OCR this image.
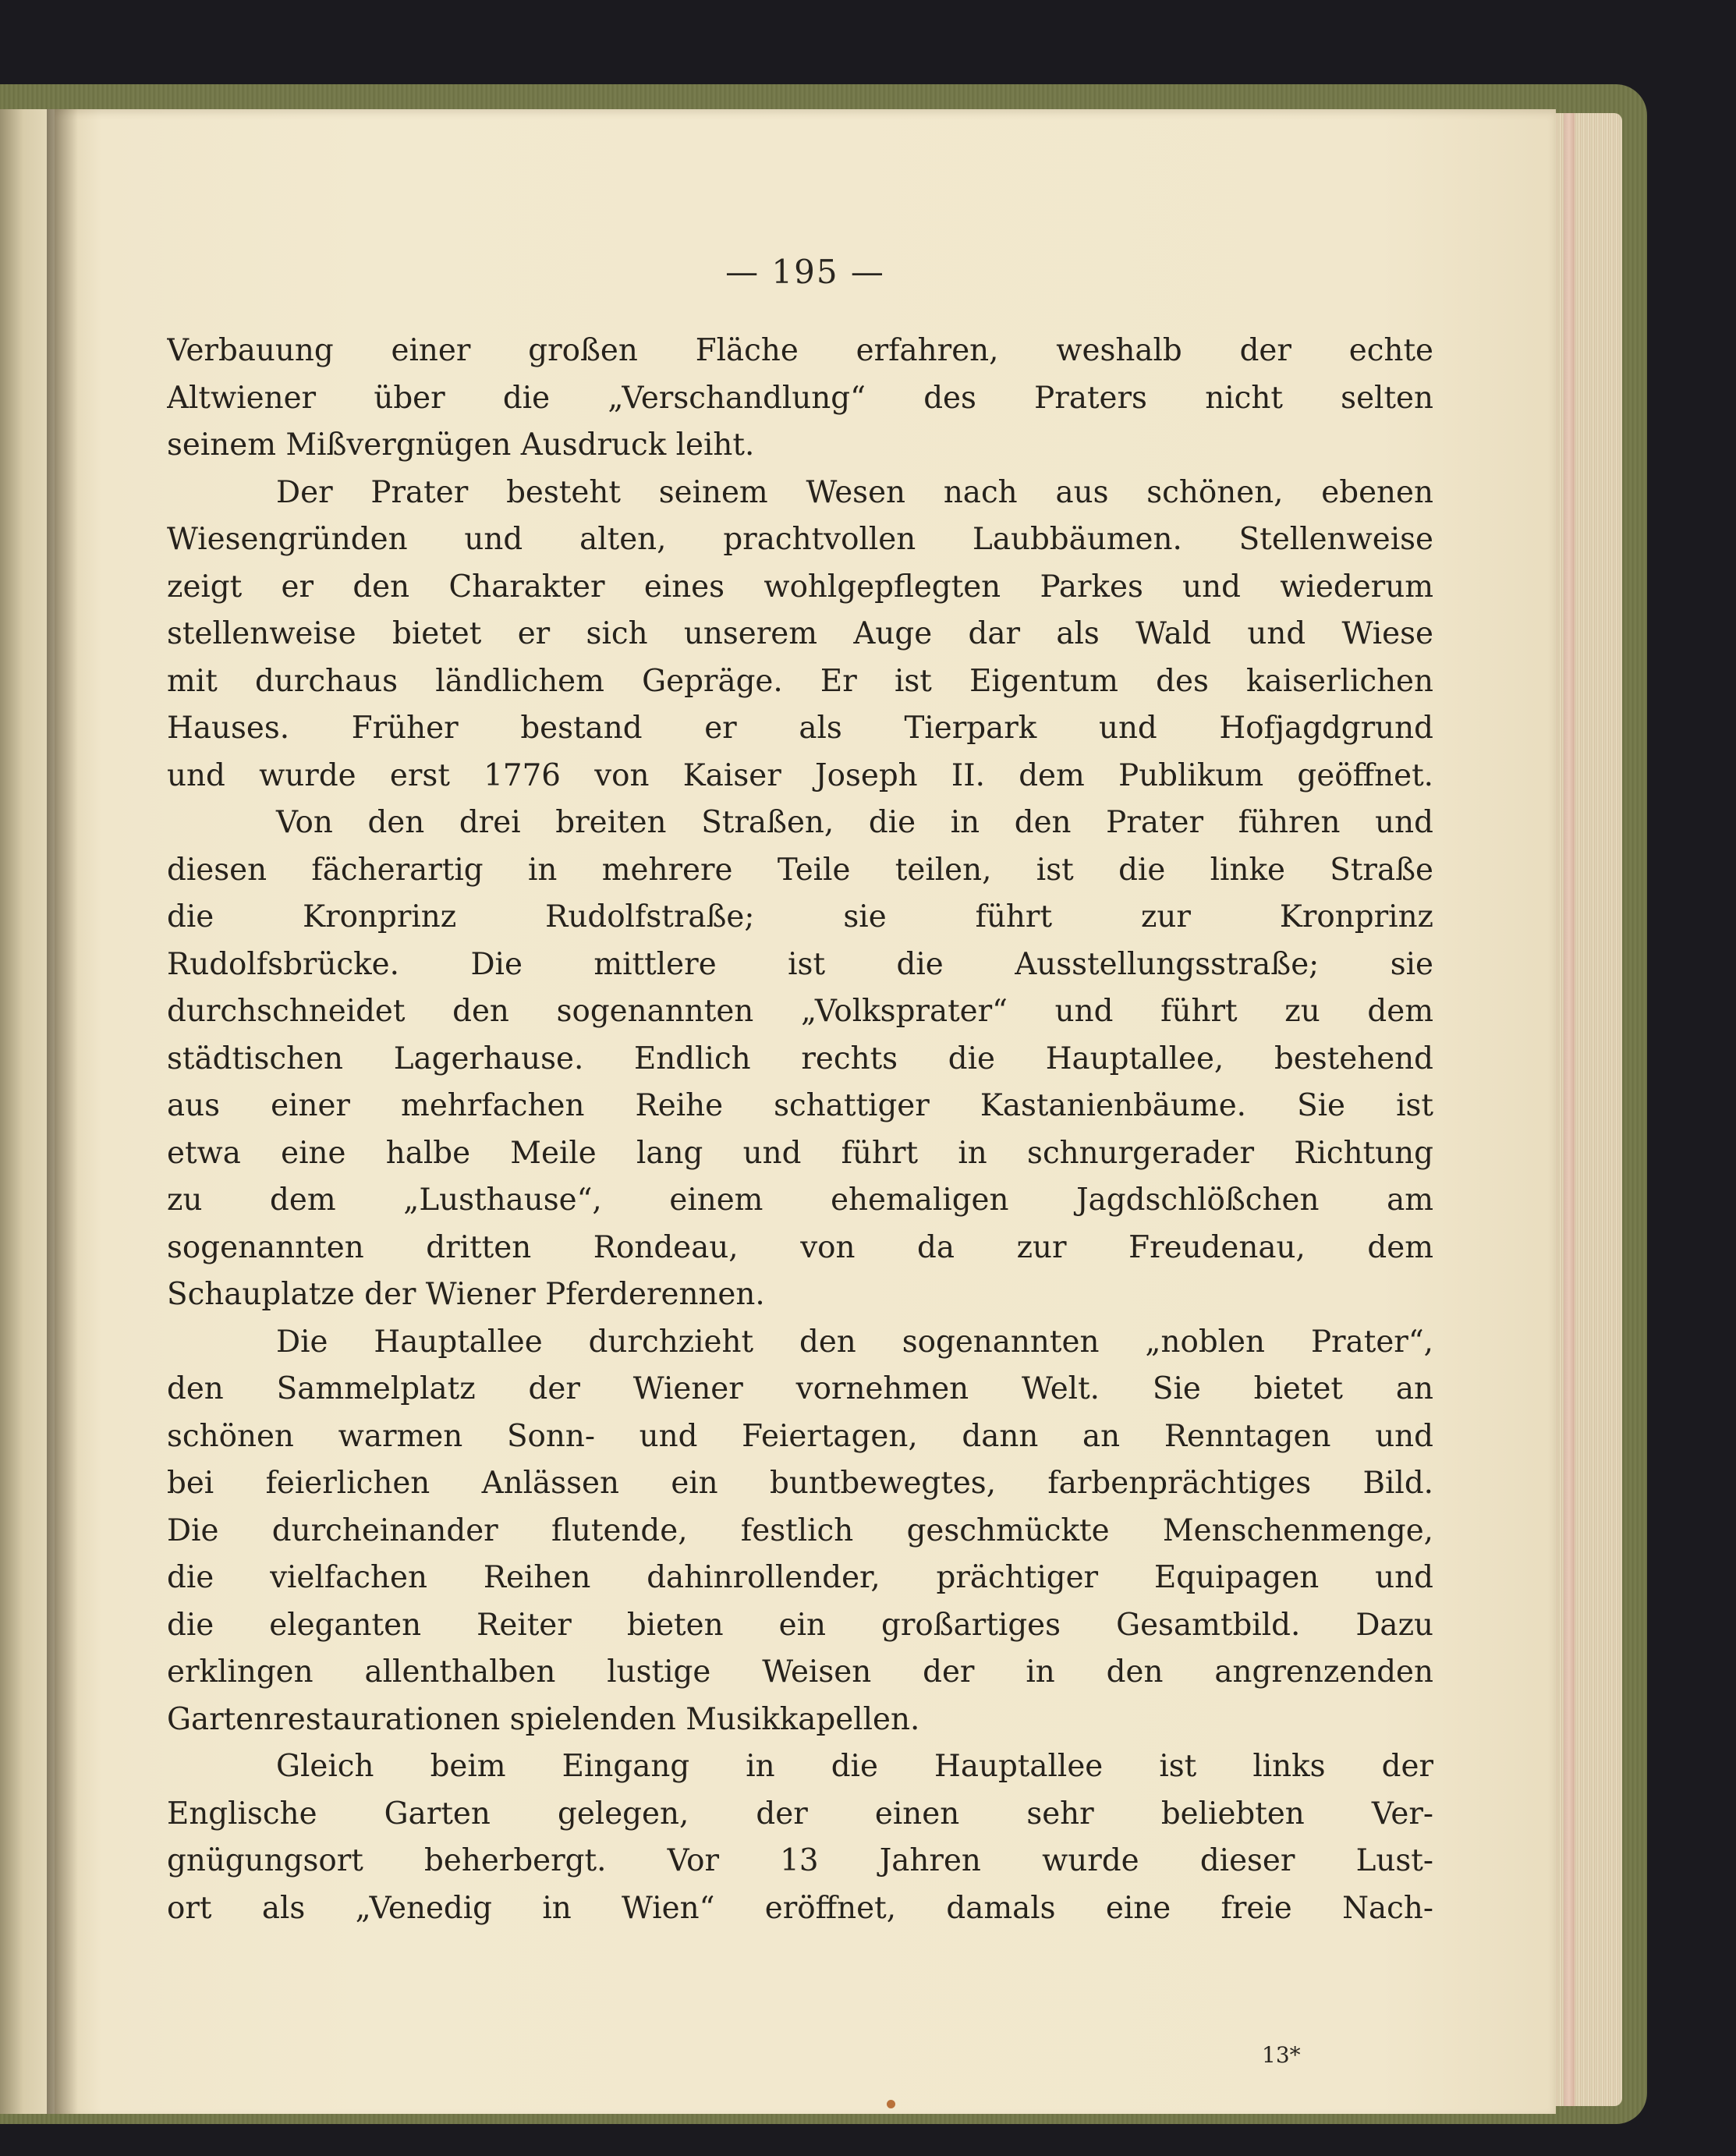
— 195 —
Verbauung einer großen Fläche erfahren, weshalb der echte
Altwiener über die „Verschandlung“ des Praters nicht selten
seinem Mißvergnügen Ausdruck leiht.
Der Prater besteht seinem Wesen nach aus schönen, ebenen
Wiesengründen und alten, prachtvollen Laubbäumen. Stellenweise
zeigt er den Charakter eines wohlgepflegten Parkes und wiederum
stellenweise bietet er sich unserem Auge dar als Wald und Wiese
mit durchaus ländlichem Gepräge. Er ist Eigentum des kaiserlichen
Hauses. Früher bestand er als Tierpark und Hofjagdgrund
und wurde erst 1776 von Kaiser Joseph II. dem Publikum geöffnet.
Von den drei breiten Straßen, die in den Prater führen und
diesen fächerartig in mehrere Teile teilen, ist die linke Straße
die Kronprinz Rudolfstraße; sie führt zur Kronprinz
Rudolfsbrücke. Die mittlere ist die Ausstellungsstraße; sie
durchschneidet den sogenannten „Volksprater“ und führt zu dem
städtischen Lagerhause. Endlich rechts die Hauptallee, bestehend
aus einer mehrfachen Reihe schattiger Kastanienbäume. Sie ist
etwa eine halbe Meile lang und führt in schnurgerader Richtung
zu dem „Lusthause“, einem ehemaligen Jagdschlößchen am
sogenannten dritten Rondeau, von da zur Freudenau, dem
Schauplatze der Wiener Pferderennen.
Die Hauptallee durchzieht den sogenannten „noblen Prater“,
den Sammelplatz der Wiener vornehmen Welt. Sie bietet an
schönen warmen Sonn- und Feiertagen, dann an Renntagen und
bei feierlichen Anlässen ein buntbewegtes, farbenprächtiges Bild.
Die durcheinander flutende, festlich geschmückte Menschenmenge,
die vielfachen Reihen dahinrollender, prächtiger Equipagen und
die eleganten Reiter bieten ein großartiges Gesamtbild. Dazu
erklingen allenthalben lustige Weisen der in den angrenzenden
Gartenrestaurationen spielenden Musikkapellen.
Gleich beim Eingang in die Hauptallee ist links der
Englische Garten gelegen, der einen sehr beliebten Ver-
gnügungsort beherbergt. Vor 13 Jahren wurde dieser Lust-
ort als „Venedig in Wien“ eröffnet, damals eine freie Nach-
13*
